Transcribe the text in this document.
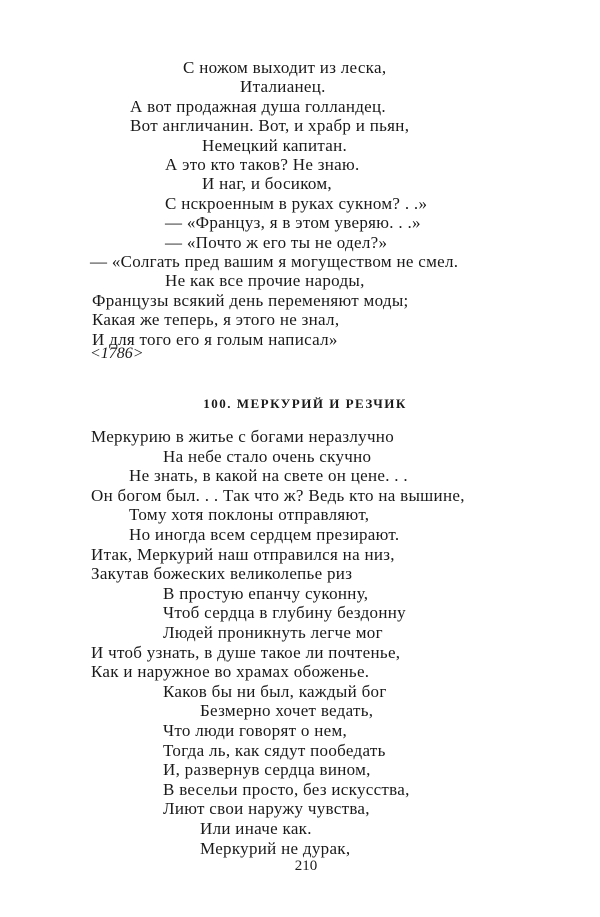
С ножом выходит из леска,
Италианец.
А вот продажная душа голландец.
Вот англичанин. Вот, и храбр и пьян,
Немецкий капитан.
А это кто таков? Не знаю.
И наг, и босиком,
С нскроенным в руках сукном? . .»
— «Француз, я в этом уверяю. . .»
— «Почто ж его ты не одел?»
— «Солгать пред вашим я могуществом не смел.
Не как все прочие народы,
Французы всякий день переменяют моды;
Какая же теперь, я этого не знал,
И для того его я голым написал»
<1786>
100. МЕРКУРИЙ И РЕЗЧИК
Меркурию в житье с богами неразлучно
На небе стало очень скучно
Не знать, в какой на свете он цене. . .
Он богом был. . . Так что ж? Ведь кто на вышине,
Тому хотя поклоны отправляют,
Но иногда всем сердцем презирают.
Итак, Меркурий наш отправился на низ,
Закутав божеских великолепье риз
В простую епанчу суконну,
Чтоб сердца в глубину бездонну
Людей проникнуть легче мог
И чтоб узнать, в душе такое ли почтенье,
Как и наружное во храмах обоженье.
Каков бы ни был, каждый бог
Безмерно хочет ведать,
Что люди говорят о нем,
Тогда ль, как сядут пообедать
И, развернув сердца вином,
В весельи просто, без искусства,
Лиют свои наружу чувства,
Или иначе как.
Меркурий не дурак,
210
